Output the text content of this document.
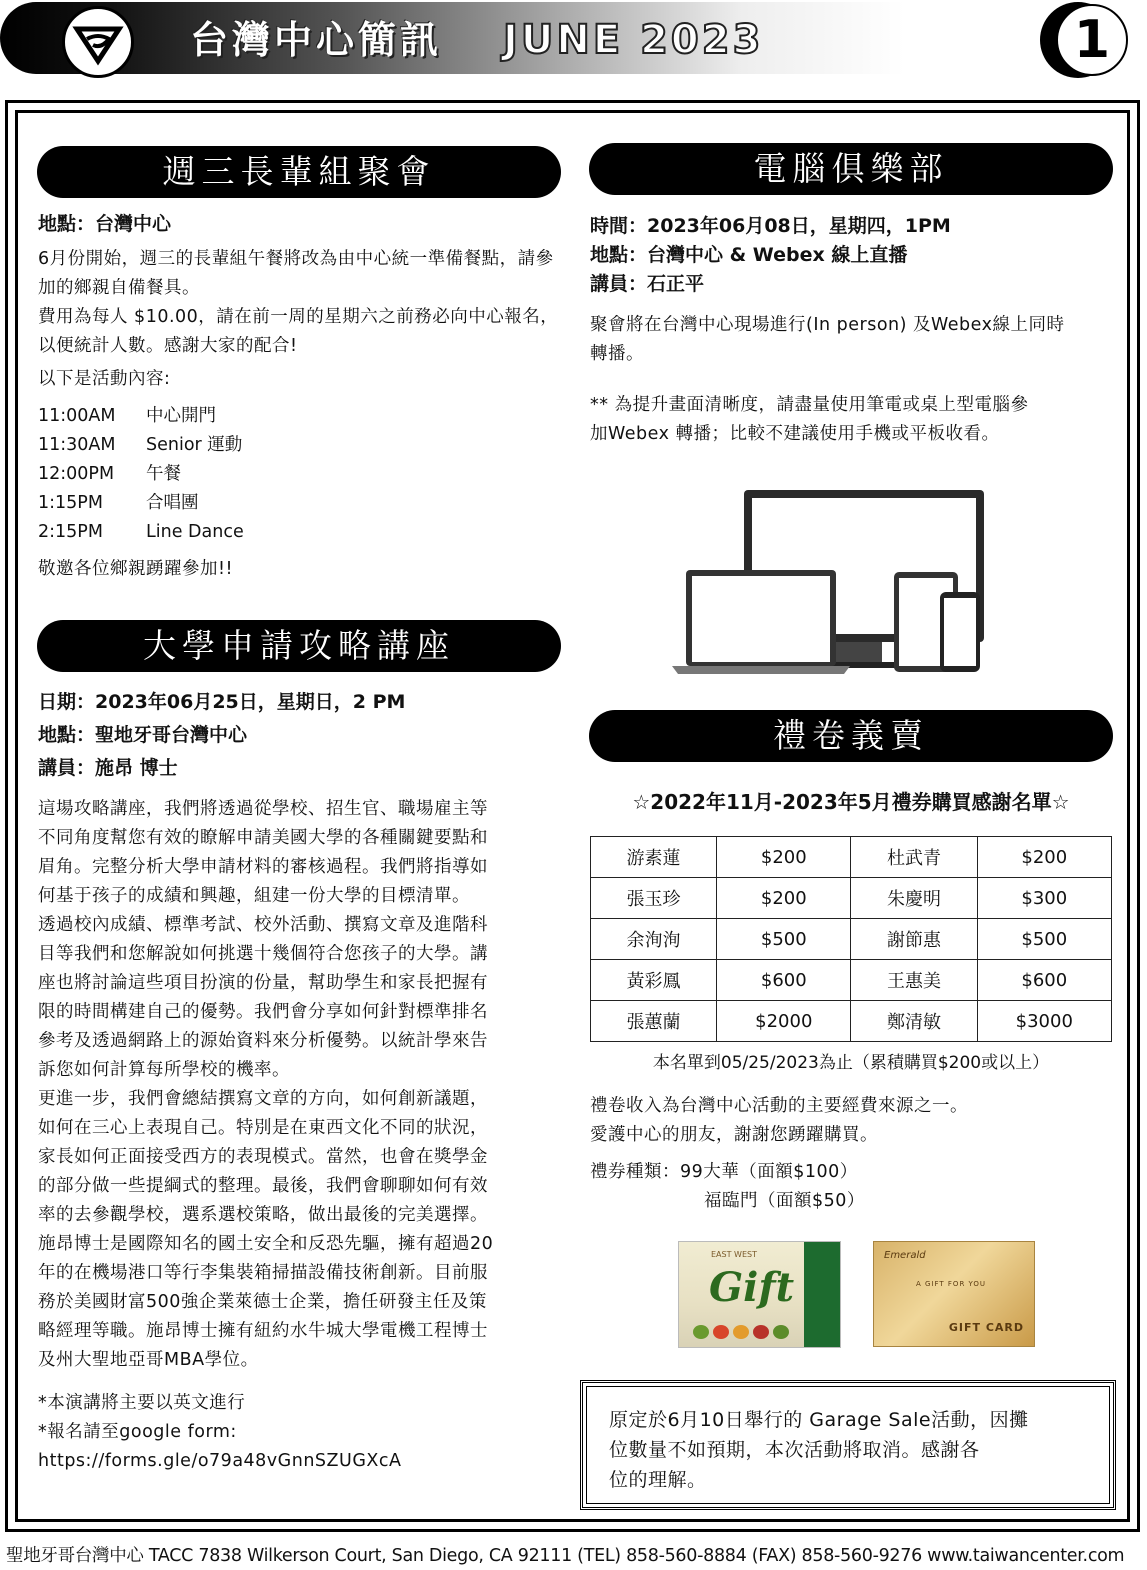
台灣中心簡訊 JUNE 2023	1
週三長輩組聚會
地點：台灣中心
6月份開始，週三的長輩組午餐將改為由中心統一準備餐點，請參加的鄉親自備餐具。
費用為每人 $10.00，請在前一周的星期六之前務必向中心報名，以便統計人數。感謝大家的配合!
以下是活動內容:
11:00AM	中心開門
11:30AM	Senior 運動
12:00PM	午餐
1:15PM	合唱團
2:15PM	Line Dance
敬邀各位鄉親踴躍參加!!
大學申請攻略講座
日期：2023年06月25日，星期日，2 PM
地點：聖地牙哥台灣中心
講員：施昂 博士
這場攻略講座，我們將透過從學校、招生官、職場雇主等
不同角度幫您有效的瞭解申請美國大學的各種關鍵要點和
眉角。完整分析大學申請材料的審核過程。我們將指導如
何基于孩子的成績和興趣，組建一份大學的目標清單。
透過校內成績、標準考試、校外活動、撰寫文章及進階科
目等我們和您解說如何挑選十幾個符合您孩子的大學。講
座也將討論這些項目扮演的份量，幫助學生和家長把握有
限的時間構建自己的優勢。我們會分享如何針對標準排名
參考及透過網路上的源始資料來分析優勢。以統計學來告
訴您如何計算每所學校的機率。
更進一步，我們會總結撰寫文章的方向，如何創新議題，
如何在三心上表現自己。特別是在東西文化不同的狀況，
家長如何正面接受西方的表現模式。當然，也會在獎學金
的部分做一些提綱式的整理。最後，我們會聊聊如何有效
率的去參觀學校，選系選校策略，做出最後的完美選擇。
施昂博士是國際知名的國土安全和反恐先驅，擁有超過20
年的在機場港口等行李集裝箱掃描設備技術創新。目前服
務於美國財富500強企業萊德士企業，擔任研發主任及策
略經理等職。施昂博士擁有紐約水牛城大學電機工程博士
及州大聖地亞哥MBA學位。
*本演講將主要以英文進行
*報名請至google form:
https://forms.gle/o79a48vGnnSZUGXcA
電腦俱樂部
時間：2023年06月08日，星期四，1PM
地點：台灣中心 & Webex 線上直播
講員：石正平
聚會將在台灣中心現場進行(In person) 及Webex線上同時
轉播。
** 為提升畫面清晰度，請盡量使用筆電或桌上型電腦參
加Webex 轉播；比較不建議使用手機或平板收看。
禮卷義賣
☆2022年11月-2023年5月禮券購買感謝名單☆
游素蓮	$200	杜武青	$200
張玉珍	$200	朱慶明	$300
余洵洵	$500	謝節惠	$500
黃彩鳳	$600	王惠美	$600
張蕙蘭	$2000	鄭清敏	$3000
本名單到05/25/2023為止（累積購買$200或以上）
禮卷收入為台灣中心活動的主要經費來源之一。
愛護中心的朋友，謝謝您踴躍購買。
禮券種類：99大華（面額$100）
福臨門（面額$50）
EAST WEST
Gift
Emerald
A GIFT FOR YOU
GIFT CARD
原定於6月10日舉行的 Garage Sale活動，因攤
位數量不如預期，本次活動將取消。感謝各
位的理解。
聖地牙哥台灣中心 TACC 7838 Wilkerson Court, San Diego, CA 92111 (TEL) 858-560-8884 (FAX) 858-560-9276 www.taiwancenter.com
